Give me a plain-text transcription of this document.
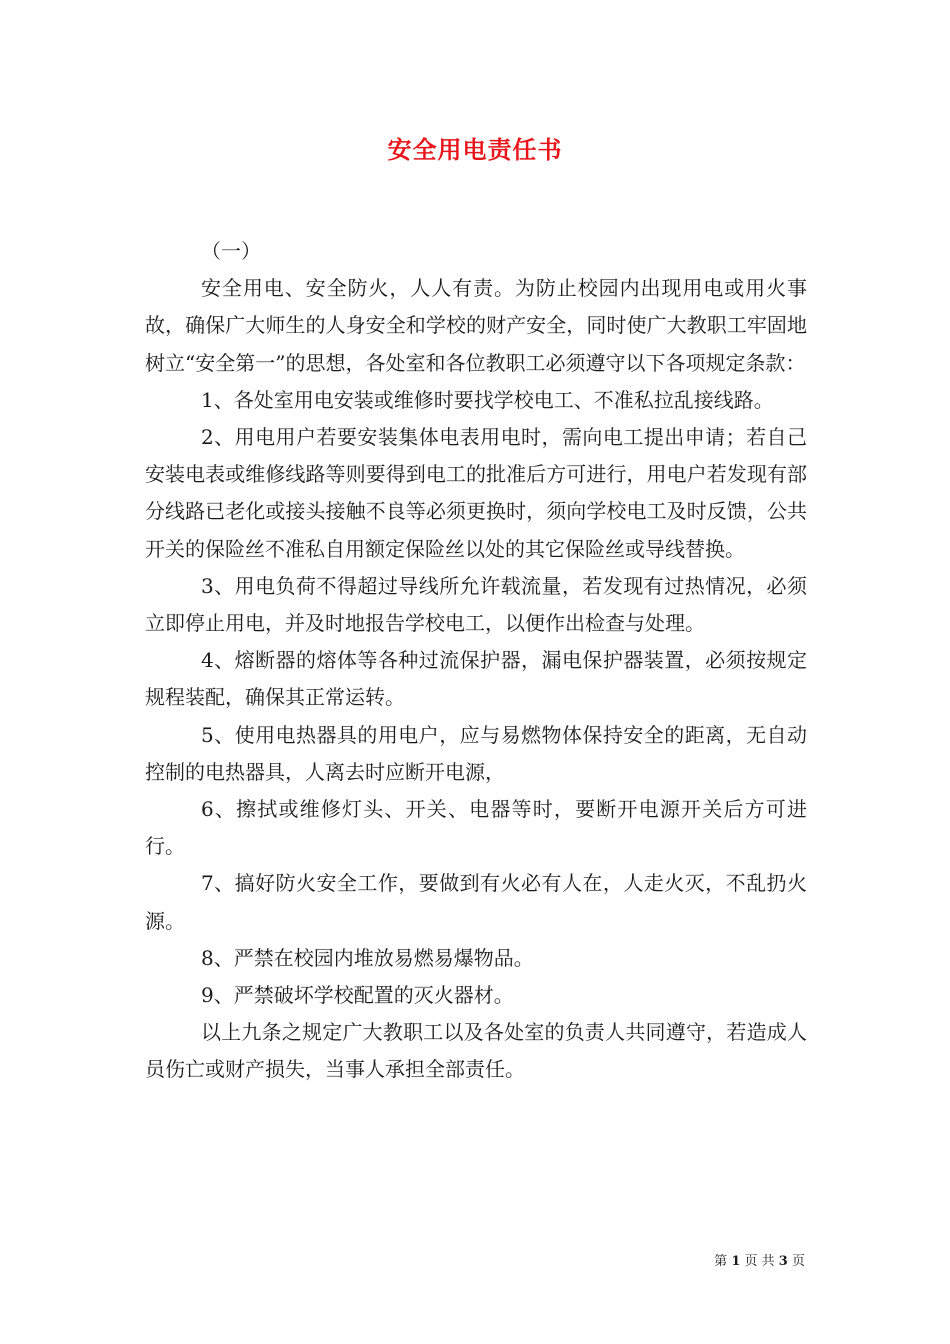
安全用电责任书

（一）

安全用电、安全防火，人人有责。为防止校园内出现用电或用火事故，确保广大师生的人身安全和学校的财产安全，同时使广大教职工牢固地树立“安全第一”的思想，各处室和各位教职工必须遵守以下各项规定条款：

1、各处室用电安装或维修时要找学校电工、不准私拉乱接线路。

2、用电用户若要安装集体电表用电时，需向电工提出申请；若自己安装电表或维修线路等则要得到电工的批准后方可进行，用电户若发现有部分线路已老化或接头接触不良等必须更换时，须向学校电工及时反馈，公共开关的保险丝不准私自用额定保险丝以处的其它保险丝或导线替换。

3、用电负荷不得超过导线所允许载流量，若发现有过热情况，必须立即停止用电，并及时地报告学校电工，以便作出检查与处理。

4、熔断器的熔体等各种过流保护器，漏电保护器装置，必须按规定规程装配，确保其正常运转。

5、使用电热器具的用电户，应与易燃物体保持安全的距离，无自动控制的电热器具，人离去时应断开电源，

6、擦拭或维修灯头、开关、电器等时，要断开电源开关后方可进行。

7、搞好防火安全工作，要做到有火必有人在，人走火灭，不乱扔火源。

8、严禁在校园内堆放易燃易爆物品。

9、严禁破坏学校配置的灭火器材。

以上九条之规定广大教职工以及各处室的负责人共同遵守，若造成人员伤亡或财产损失，当事人承担全部责任。

第 1 页 共 3 页
